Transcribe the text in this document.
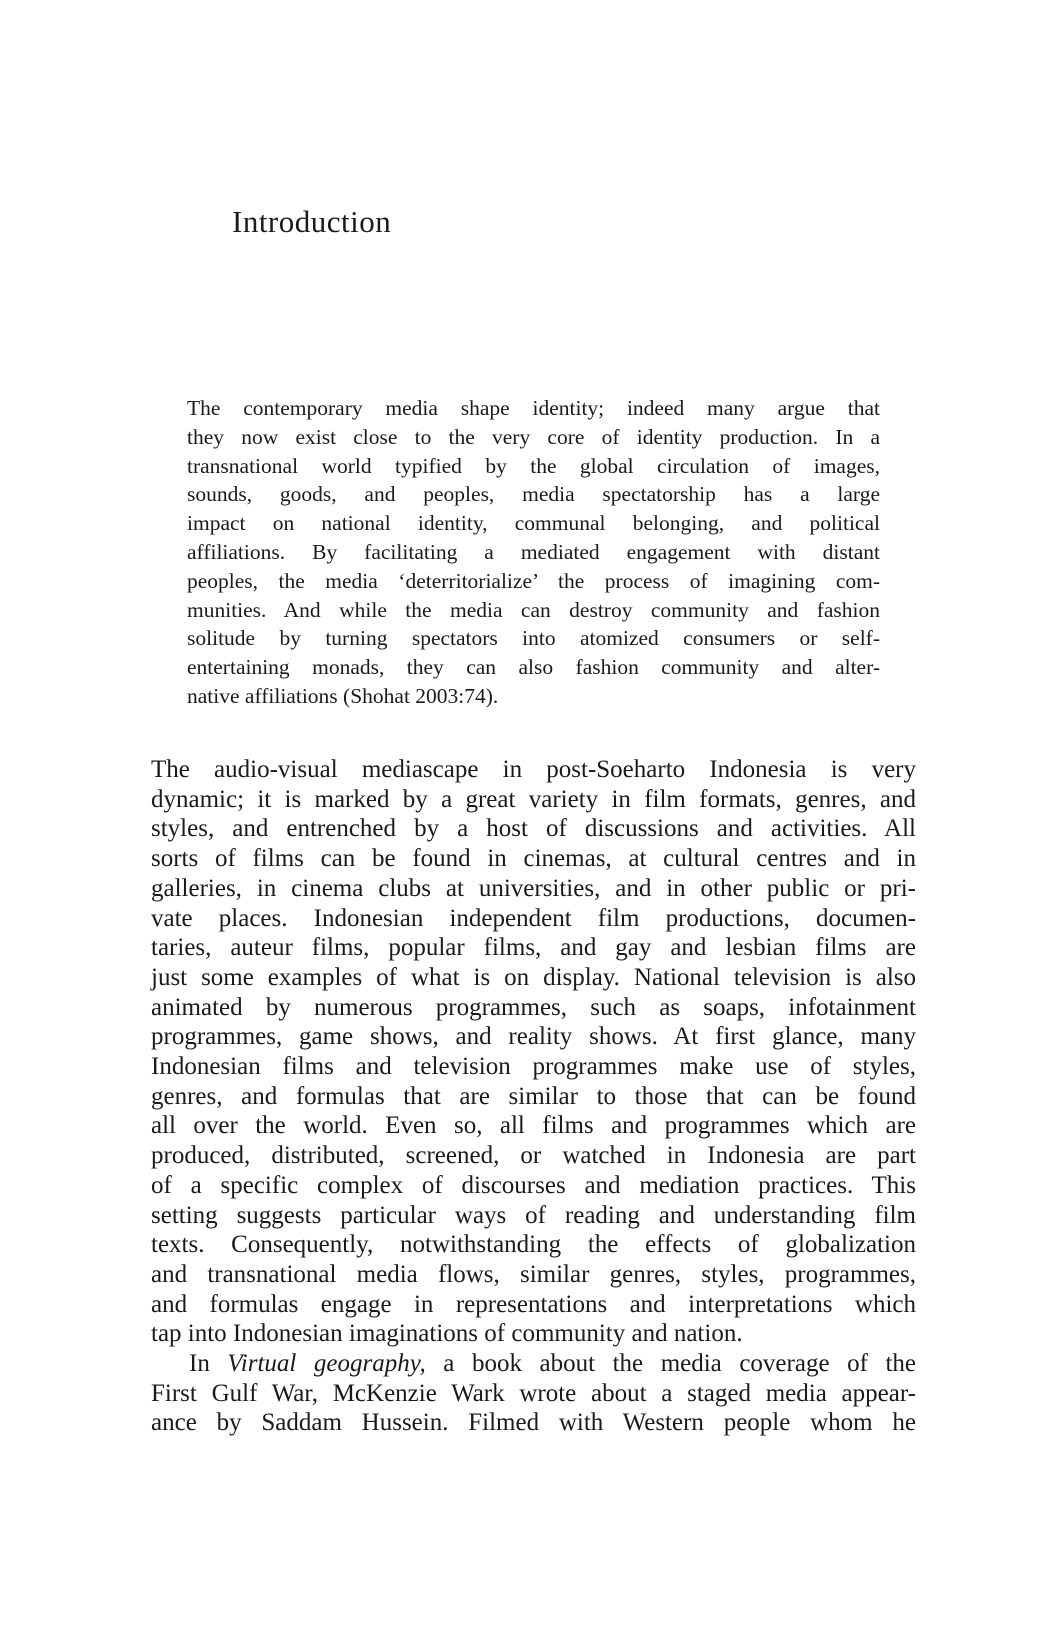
Introduction
The contemporary media shape identity; indeed many argue that
they now exist close to the very core of identity production. In a
transnational world typified by the global circulation of images,
sounds, goods, and peoples, media spectatorship has a large
impact on national identity, communal belonging, and political
affiliations. By facilitating a mediated engagement with distant
peoples, the media ‘deterritorialize’ the process of imagining com-
munities. And while the media can destroy community and fashion
solitude by turning spectators into atomized consumers or self-
entertaining monads, they can also fashion community and alter-
native affiliations (Shohat 2003:74).
The audio-visual mediascape in post-Soeharto Indonesia is very
dynamic; it is marked by a great variety in film formats, genres, and
styles, and entrenched by a host of discussions and activities. All
sorts of films can be found in cinemas, at cultural centres and in
galleries, in cinema clubs at universities, and in other public or pri-
vate places. Indonesian independent film productions, documen-
taries, auteur films, popular films, and gay and lesbian films are
just some examples of what is on display. National television is also
animated by numerous programmes, such as soaps, infotainment
programmes, game shows, and reality shows. At first glance, many
Indonesian films and television programmes make use of styles,
genres, and formulas that are similar to those that can be found
all over the world. Even so, all films and programmes which are
produced, distributed, screened, or watched in Indonesia are part
of a specific complex of discourses and mediation practices. This
setting suggests particular ways of reading and understanding film
texts. Consequently, notwithstanding the effects of globalization
and transnational media flows, similar genres, styles, programmes,
and formulas engage in representations and interpretations which
tap into Indonesian imaginations of community and nation.
In Virtual geography, a book about the media coverage of the
First Gulf War, McKenzie Wark wrote about a staged media appear-
ance by Saddam Hussein. Filmed with Western people whom he
